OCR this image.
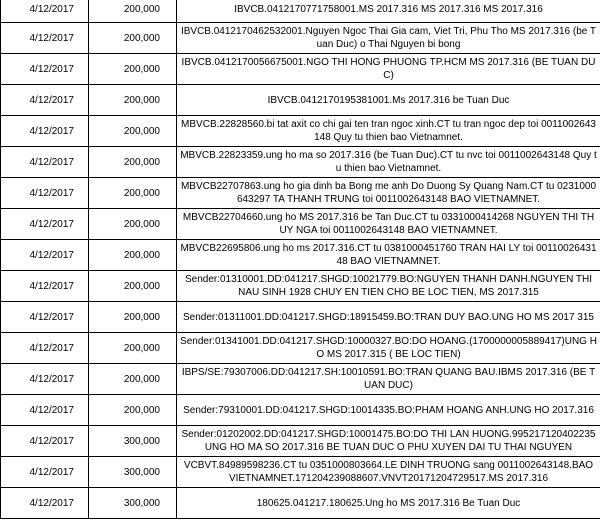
4/12/2017	200,000	IBVCB.0412170771758001.MS 2017.316 MS 2017.316 MS 2017.316
4/12/2017	200,000	IBVCB.0412170462532001.Nguyen Ngoc Thai Gia cam, Viet Tri, Phu Tho MS 2017.316 (be Tuan Duc) o Thai Nguyen bi bong
4/12/2017	200,000	IBVCB.0412170056675001.NGO THI HONG PHUONG TP.HCM MS 2017.316 (BE TUAN DUC)
4/12/2017	200,000	IBVCB.0412170195381001.Ms 2017.316 be Tuan Duc
4/12/2017	200,000	MBVCB.22828560.bi tat axit co chi gai ten tran ngoc xinh.CT tu tran ngoc dep toi 0011002643148 Quy tu thien bao Vietnamnet.
4/12/2017	200,000	MBVCB.22823359.ung ho ma so 2017.316 (be Tuan Duc).CT tu nvc toi 0011002643148 Quy tu thien bao Vietnamnet.
4/12/2017	200,000	MBVCB22707863.ung ho gia dinh ba Bong me anh Do Duong Sy Quang Nam.CT tu 0231000643297 TA THANH TRUNG toi 0011002643148 BAO VIETNAMNET.
4/12/2017	200,000	MBVCB22704660.ung ho MS 2017.316 be Tan Duc.CT tu 0331000414268 NGUYEN THI THUY NGA toi 0011002643148 BAO VIETNAMNET.
4/12/2017	200,000	MBVCB22695806.ung ho ms 2017.316.CT tu 0381000451760 TRAN HAI LY toi 0011002643148 BAO VIETNAMNET.
4/12/2017	200,000	Sender:01310001.DD:041217.SHGD:10021779.BO:NGUYEN THANH DANH.NGUYEN THI NAU SINH 1928 CHUY EN TIEN CHO BE LOC TIEN, MS 2017.315
4/12/2017	200,000	Sender:01311001.DD:041217.SHGD:18915459.BO:TRAN DUY BAO.UNG HO MS 2017 315
4/12/2017	200,000	Sender:01341001.DD:041217.SHGD:10000327.BO:DO HOANG.(1700000005889417)UNG HO MS 2017.315 ( BE LOC TIEN)
4/12/2017	200,000	IBPS/SE:79307006.DD:041217.SH:10010591.BO:TRAN QUANG BAU.IBMS 2017.316 (BE TUAN DUC)
4/12/2017	200,000	Sender:79310001.DD:041217.SHGD:10014335.BO:PHAM HOANG ANH.UNG HO 2017.316
4/12/2017	300,000	Sender:01202002.DD:041217.SHGD:10001475.BO:DO THI LAN HUONG.995217120402235 UNG HO MA SO 2017.316 BE TUAN DUC O PHU XUYEN DAI TU THAI NGUYEN
4/12/2017	300,000	VCBVT.84989598236.CT tu 0351000803664.LE DINH TRUONG sang 0011002643148.BAO VIETNAMNET.171204239088607.VNVT20171204729517.MS 2017.316
4/12/2017	300,000	180625.041217.180625.Ung ho MS 2017.316 Be Tuan Duc
